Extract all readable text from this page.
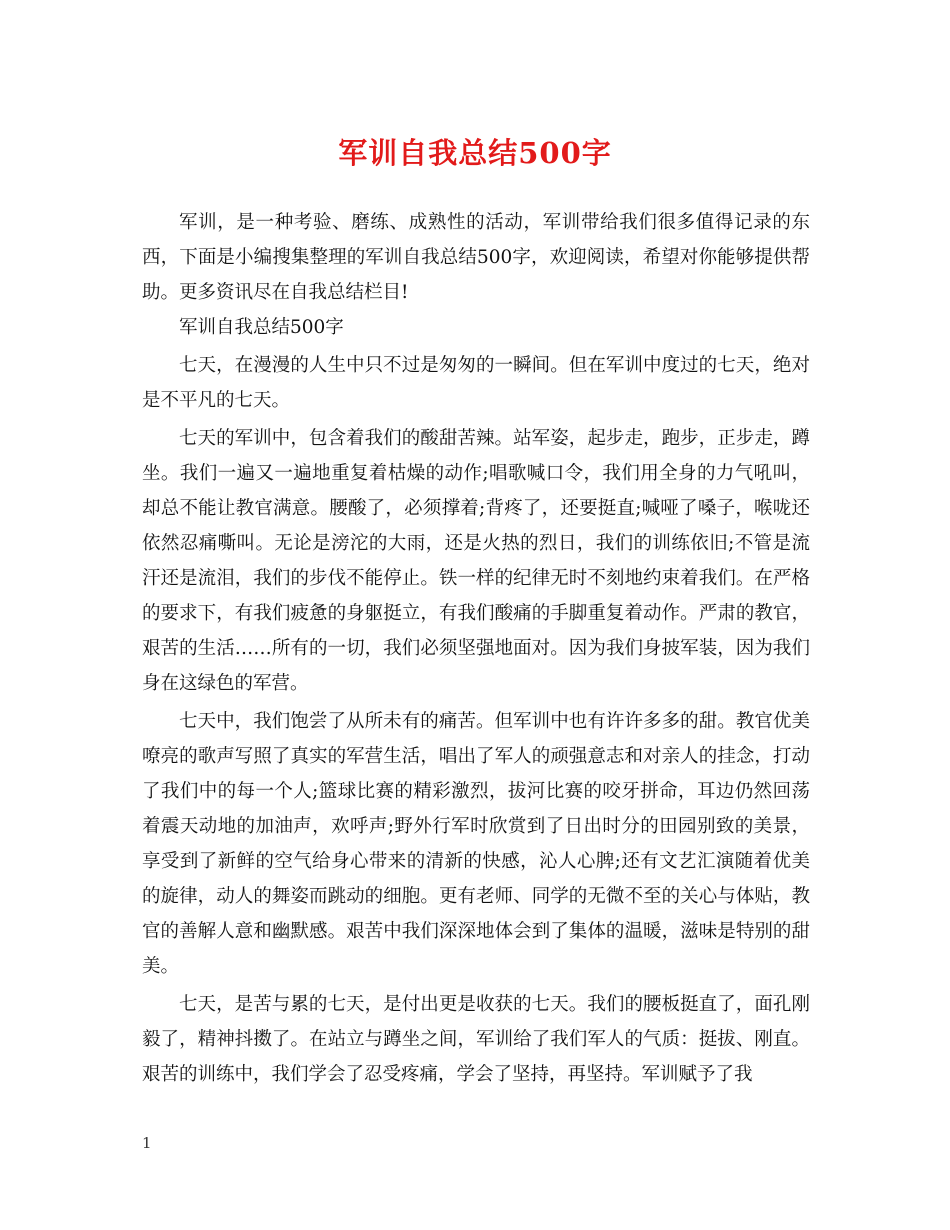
军训自我总结500字

军训，是一种考验、磨练、成熟性的活动，军训带给我们很多值得记录的东西，下面是小编搜集整理的军训自我总结500字，欢迎阅读，希望对你能够提供帮助。更多资讯尽在自我总结栏目!

军训自我总结500字

七天，在漫漫的人生中只不过是匆匆的一瞬间。但在军训中度过的七天，绝对是不平凡的七天。

七天的军训中，包含着我们的酸甜苦辣。站军姿，起步走，跑步，正步走，蹲坐。我们一遍又一遍地重复着枯燥的动作;唱歌喊口令，我们用全身的力气吼叫，却总不能让教官满意。腰酸了，必须撑着;背疼了，还要挺直;喊哑了嗓子，喉咙还依然忍痛嘶叫。无论是滂沱的大雨，还是火热的烈日，我们的训练依旧;不管是流汗还是流泪，我们的步伐不能停止。铁一样的纪律无时不刻地约束着我们。在严格的要求下，有我们疲惫的身躯挺立，有我们酸痛的手脚重复着动作。严肃的教官，艰苦的生活……所有的一切，我们必须坚强地面对。因为我们身披军装，因为我们身在这绿色的军营。

七天中，我们饱尝了从所未有的痛苦。但军训中也有许许多多的甜。教官优美嘹亮的歌声写照了真实的军营生活，唱出了军人的顽强意志和对亲人的挂念，打动了我们中的每一个人;篮球比赛的精彩激烈，拔河比赛的咬牙拼命，耳边仍然回荡着震天动地的加油声，欢呼声;野外行军时欣赏到了日出时分的田园别致的美景，享受到了新鲜的空气给身心带来的清新的快感，沁人心脾;还有文艺汇演随着优美的旋律，动人的舞姿而跳动的细胞。更有老师、同学的无微不至的关心与体贴，教官的善解人意和幽默感。艰苦中我们深深地体会到了集体的温暖，滋味是特别的甜美。

七天，是苦与累的七天，是付出更是收获的七天。我们的腰板挺直了，面孔刚毅了，精神抖擞了。在站立与蹲坐之间，军训给了我们军人的气质：挺拔、刚直。艰苦的训练中，我们学会了忍受疼痛，学会了坚持，再坚持。军训赋予了我

1
